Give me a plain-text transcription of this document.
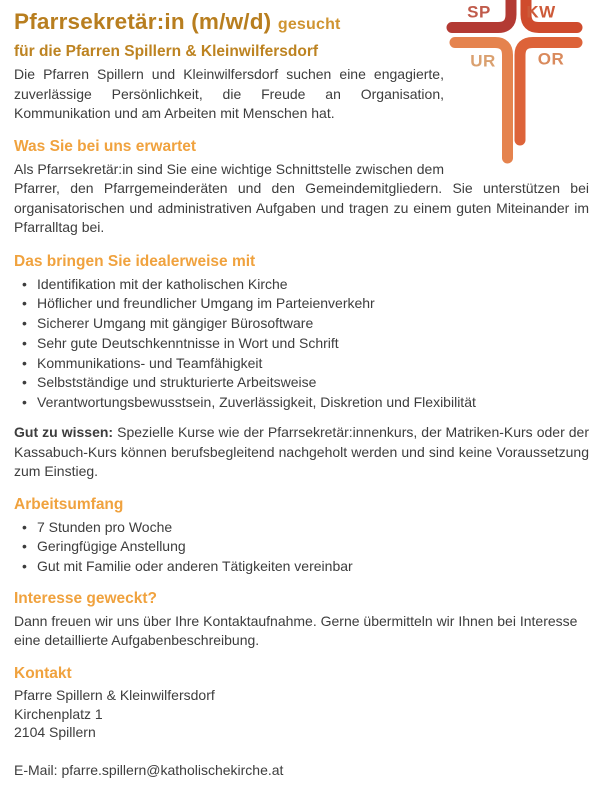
SP KW
UR OR
Pfarrsekretär:in (m/w/d) gesucht
für die Pfarren Spillern & Kleinwilfersdorf

Die Pfarren Spillern und Kleinwilfersdorf suchen eine engagierte, zuverlässige Persönlichkeit, die Freude an Organisation, Kommunikation und am Arbeiten mit Menschen hat.

Was Sie bei uns erwartet

Als Pfarrsekretär:in sind Sie eine wichtige Schnittstelle zwischen dem Pfarrer, den Pfarrgemeinderäten und den Gemeindemitgliedern. Sie unterstützen bei organisatorischen und administrativen Aufgaben und tragen zu einem guten Miteinander im Pfarralltag bei.

Das bringen Sie idealerweise mit
• Identifikation mit der katholischen Kirche
• Höflicher und freundlicher Umgang im Parteienverkehr
• Sicherer Umgang mit gängiger Bürosoftware
• Sehr gute Deutschkenntnisse in Wort und Schrift
• Kommunikations- und Teamfähigkeit
• Selbstständige und strukturierte Arbeitsweise
• Verantwortungsbewusstsein, Zuverlässigkeit, Diskretion und Flexibilität

Gut zu wissen: Spezielle Kurse wie der Pfarrsekretär:innenkurs, der Matriken-Kurs oder der Kassabuch-Kurs können berufsbegleitend nachgeholt werden und sind keine Voraussetzung zum Einstieg.

Arbeitsumfang
• 7 Stunden pro Woche
• Geringfügige Anstellung
• Gut mit Familie oder anderen Tätigkeiten vereinbar
Interesse geweckt?

Dann freuen wir uns über Ihre Kontaktaufnahme. Gerne übermitteln wir Ihnen bei Interesse eine detaillierte Aufgabenbeschreibung.

Kontakt

Pfarre Spillern & Kleinwilfersdorf

Kirchenplatz 1

2104 Spillern

E-Mail: pfarre.spillern@katholischekirche.at
